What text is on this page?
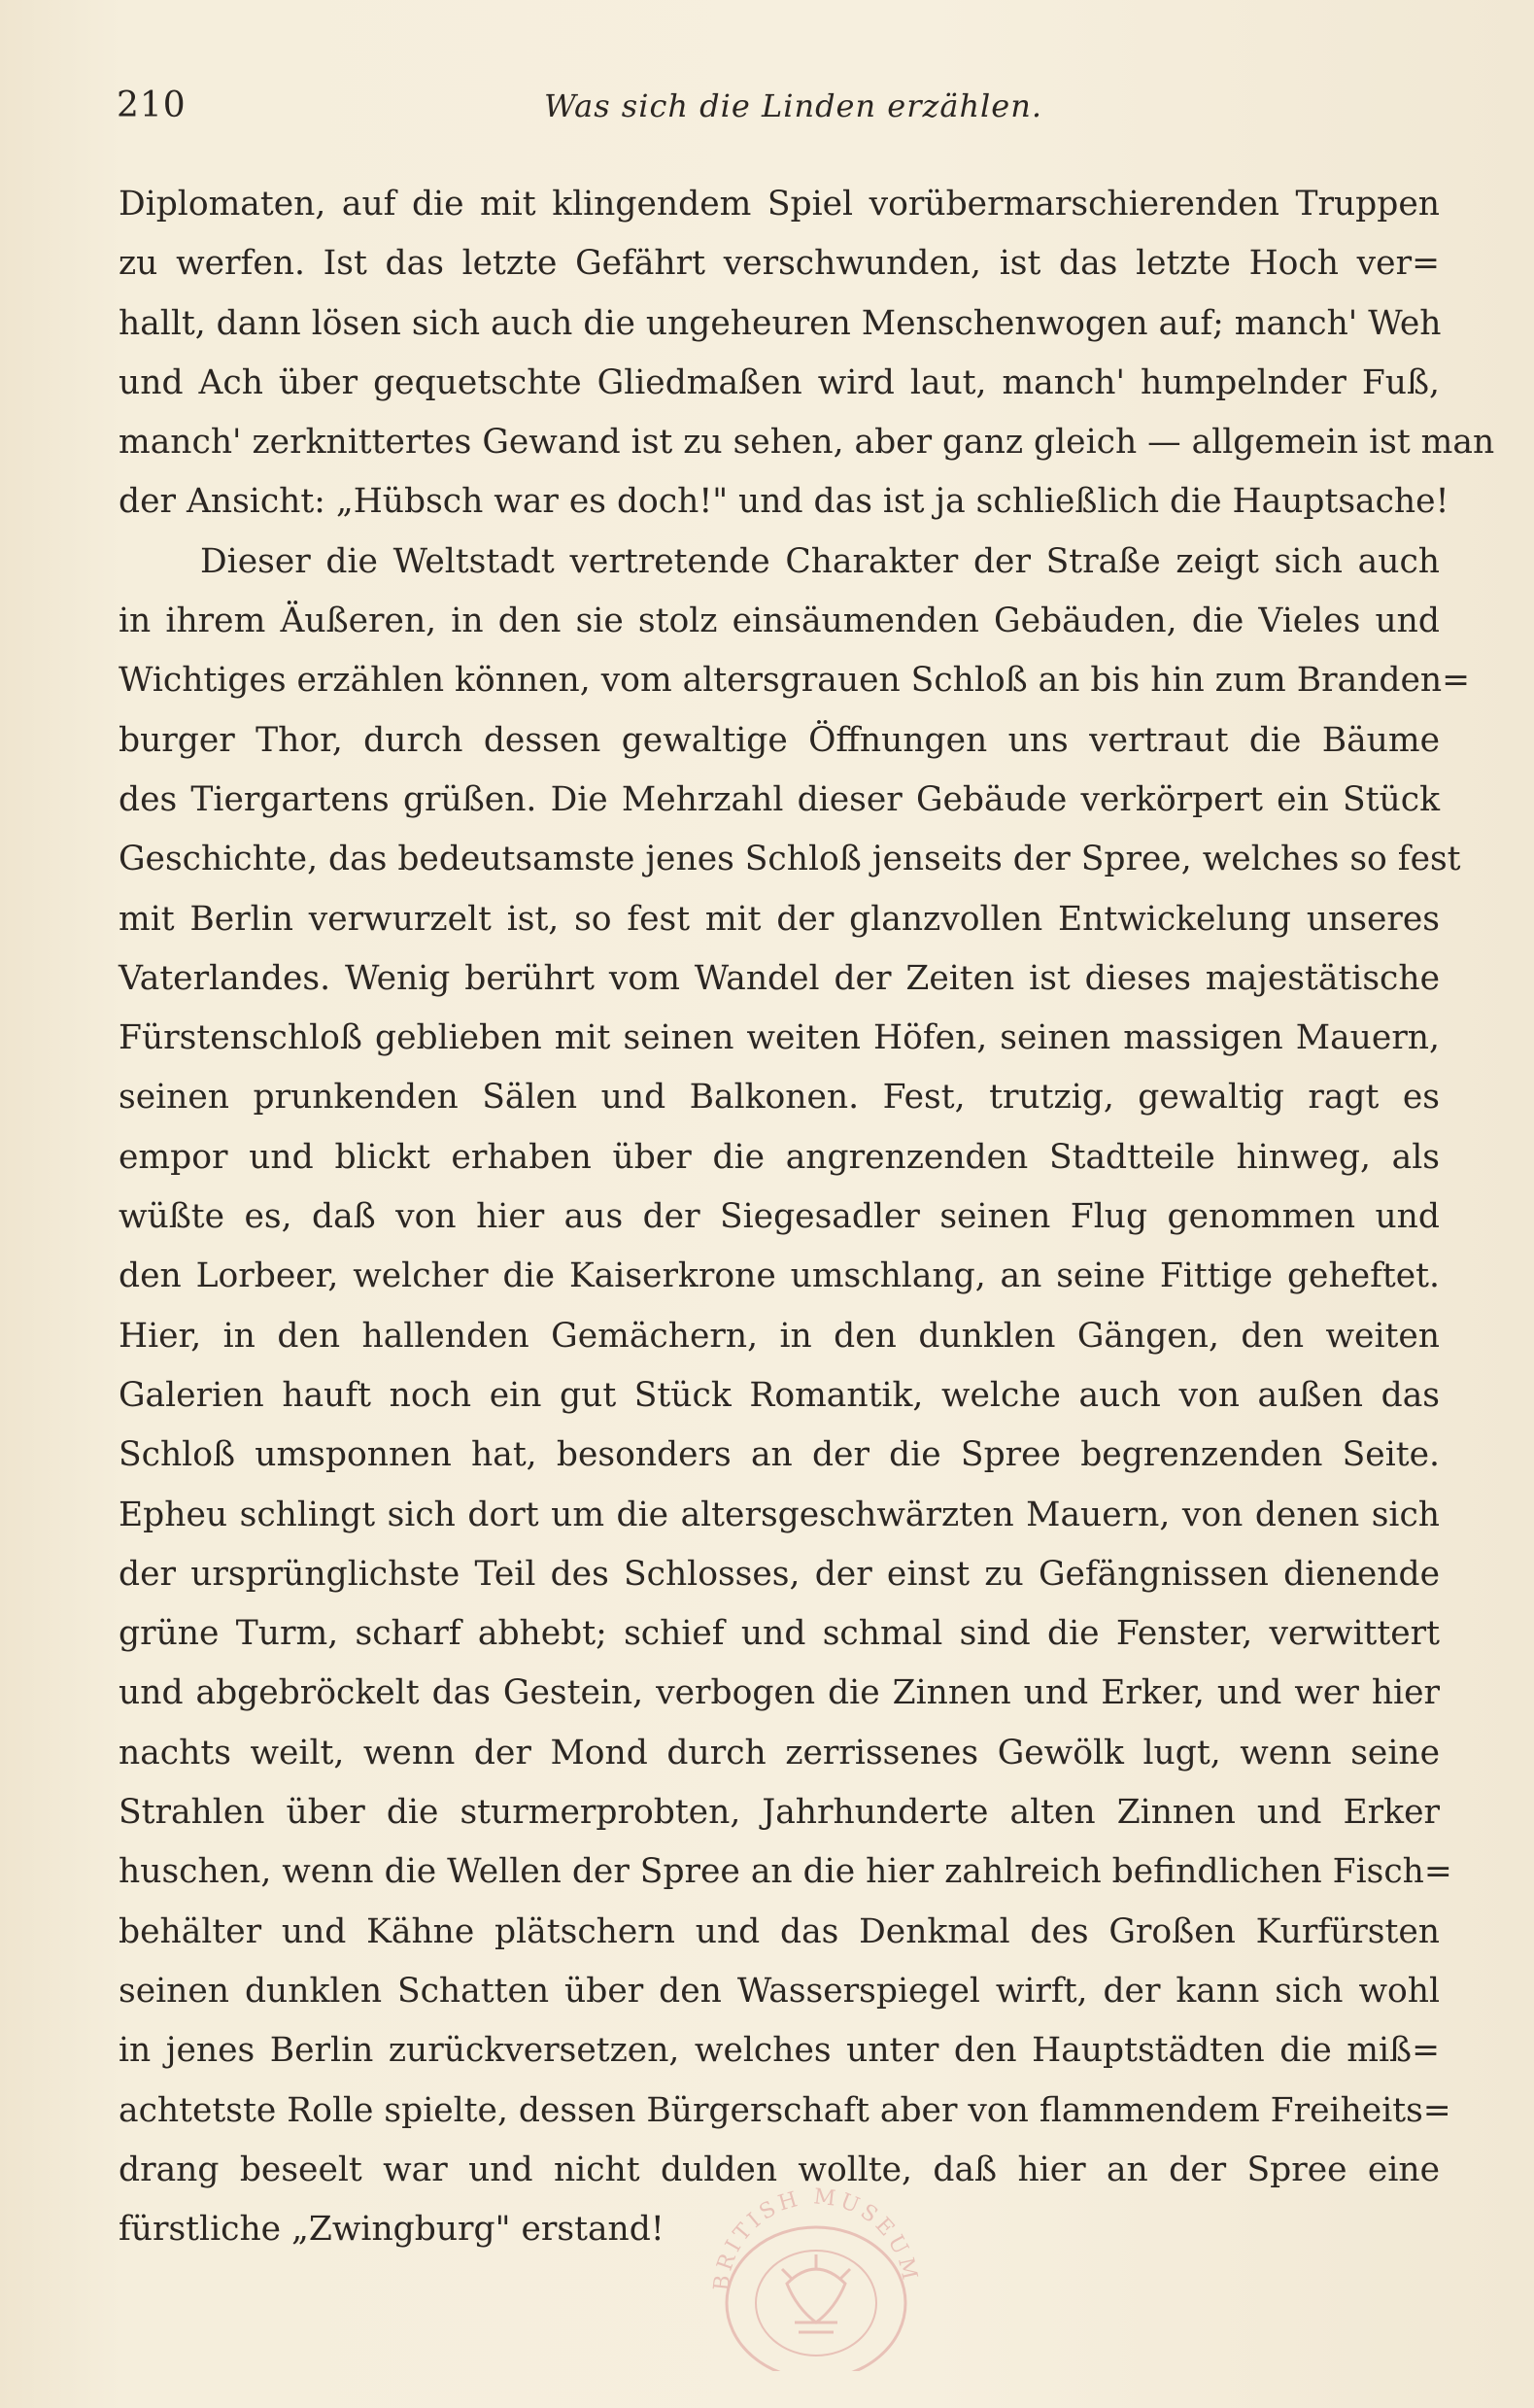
210	Was sich die Linden erzählen.
Diplomaten, auf die mit klingendem Spiel vorübermarschierenden Truppen
zu werfen. Ist das letzte Gefährt verschwunden, ist das letzte Hoch ver=
hallt, dann lösen sich auch die ungeheuren Menschenwogen auf; manch' Weh
und Ach über gequetschte Gliedmaßen wird laut, manch' humpelnder Fuß,
manch' zerknittertes Gewand ist zu sehen, aber ganz gleich — allgemein ist man
der Ansicht: „Hübsch war es doch!" und das ist ja schließlich die Hauptsache!
Dieser die Weltstadt vertretende Charakter der Straße zeigt sich auch
in ihrem Äußeren, in den sie stolz einsäumenden Gebäuden, die Vieles und
Wichtiges erzählen können, vom altersgrauen Schloß an bis hin zum Branden=
burger Thor, durch dessen gewaltige Öffnungen uns vertraut die Bäume
des Tiergartens grüßen. Die Mehrzahl dieser Gebäude verkörpert ein Stück
Geschichte, das bedeutsamste jenes Schloß jenseits der Spree, welches so fest
mit Berlin verwurzelt ist, so fest mit der glanzvollen Entwickelung unseres
Vaterlandes. Wenig berührt vom Wandel der Zeiten ist dieses majestätische
Fürstenschloß geblieben mit seinen weiten Höfen, seinen massigen Mauern,
seinen prunkenden Sälen und Balkonen. Fest, trutzig, gewaltig ragt es
empor und blickt erhaben über die angrenzenden Stadtteile hinweg, als
wüßte es, daß von hier aus der Siegesadler seinen Flug genommen und
den Lorbeer, welcher die Kaiserkrone umschlang, an seine Fittige geheftet.
Hier, in den hallenden Gemächern, in den dunklen Gängen, den weiten
Galerien hauft noch ein gut Stück Romantik, welche auch von außen das
Schloß umsponnen hat, besonders an der die Spree begrenzenden Seite.
Epheu schlingt sich dort um die altersgeschwärzten Mauern, von denen sich
der ursprünglichste Teil des Schlosses, der einst zu Gefängnissen dienende
grüne Turm, scharf abhebt; schief und schmal sind die Fenster, verwittert
und abgebröckelt das Gestein, verbogen die Zinnen und Erker, und wer hier
nachts weilt, wenn der Mond durch zerrissenes Gewölk lugt, wenn seine
Strahlen über die sturmerprobten, Jahrhunderte alten Zinnen und Erker
huschen, wenn die Wellen der Spree an die hier zahlreich befindlichen Fisch=
behälter und Kähne plätschern und das Denkmal des Großen Kurfürsten
seinen dunklen Schatten über den Wasserspiegel wirft, der kann sich wohl
in jenes Berlin zurückversetzen, welches unter den Hauptstädten die miß=
achtetste Rolle spielte, dessen Bürgerschaft aber von flammendem Freiheits=
drang beseelt war und nicht dulden wollte, daß hier an der Spree eine
fürstliche „Zwingburg" erstand!
BRITISH MUSEUM
